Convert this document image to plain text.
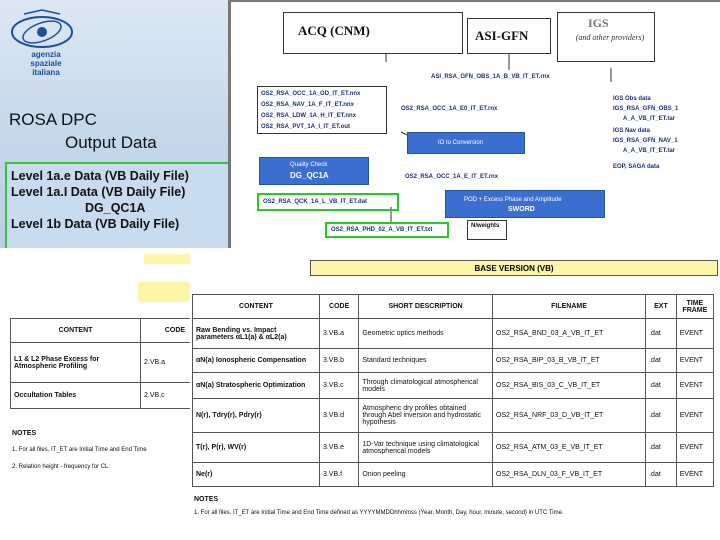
agenzia spaziale
italiana
ROSA DPC
Output Data
Level 1a.e Data (VB Daily File)
Level 1a.I Data (VB Daily File)
DG_QC1A
Level 1b Data (VB Daily File)
ACQ (CNM)	ASI-GFN
IGS
(and other providers)
ASI_RSA_GFN_OBS_1A_B_VB_IT_ET.rnx
OS2_RSA_OCC_1A_OD_IT_ET.nnx
OS2_RSA_NAV_1A_F_IT_ET.nnx
OS2_RSA_LDW_1A_H_IT_ET.nnx
OS2_RSA_PVT_1A_I_IT_ET.out
OS2_RSA_OCC_1A_E0_IT_ET.rnx
IGS Obs data
IGS_RSA_GFN_OBS_1
A_A_VB_IT_ET.tar
IGS Nav data
IGS_RSA_GFN_NAV_1
A_A_VB_IT_ET.tar
EOP, SAGA data
IO to Conversion
Quality Check
DG_QC1A	OS2_RSA_OCC_1A_E_IT_ET.rnx
OS2_RSA_QCK_1A_L_VB_IT_ET.dat	POD + Excess Phase and Amplitude
SWORD
OS2_RSA_PHD_02_A_VB_IT_ET.txt
N/weights
CONTENT	CODE
L1 & L2 Phase Excess for Atmospheric Profiling	2.VB.a
Occultation Tables	2.VB.c
NOTES
1. For all files, IT_ET are Initial Time and End Time
2. Relation height - frequency for CL:
BASE VERSION (VB)
CONTENT	CODE	SHORT DESCRIPTION	FILENAME	EXT	TIME FRAME
Raw Bending vs. Impact parameters αL1(a) & αL2(a)	3.VB.a	Geometric optics methods	OS2_RSA_BND_03_A_VB_IT_ET	.dat	EVENT
αN(a) Ionospheric Compensation	3.VB.b	Standard techniques	OS2_RSA_BIP_03_B_VB_IT_ET	.dat	EVENT
αN(a) Stratospheric Optimization	3.VB.c	Through climatological atmospherical models	OS2_RSA_BIS_03_C_VB_IT_ET	.dat	EVENT
N(r), Tdry(r), Pdry(r)	3.VB.d	Atmospheric dry profiles obtained through Abel inversion and hydrostatic hypothesis	OS2_RSA_NRF_03_D_VB_IT_ET	.dat	EVENT
T(r), P(r), WV(r)	3.VB.e	1D-Var technique using climatological atmospherical models	OS2_RSA_ATM_03_E_VB_IT_ET	.dat	EVENT
Ne(r)	3.VB.f	Onion peeling	OS2_RSA_DLN_03_F_VB_IT_ET	.dat	EVENT
NOTES
1. For all files, IT_ET are Initial Time and End Time defined as YYYYMMDDhhmmss (Year, Month, Day, hour, minute, second) in UTC Time.
